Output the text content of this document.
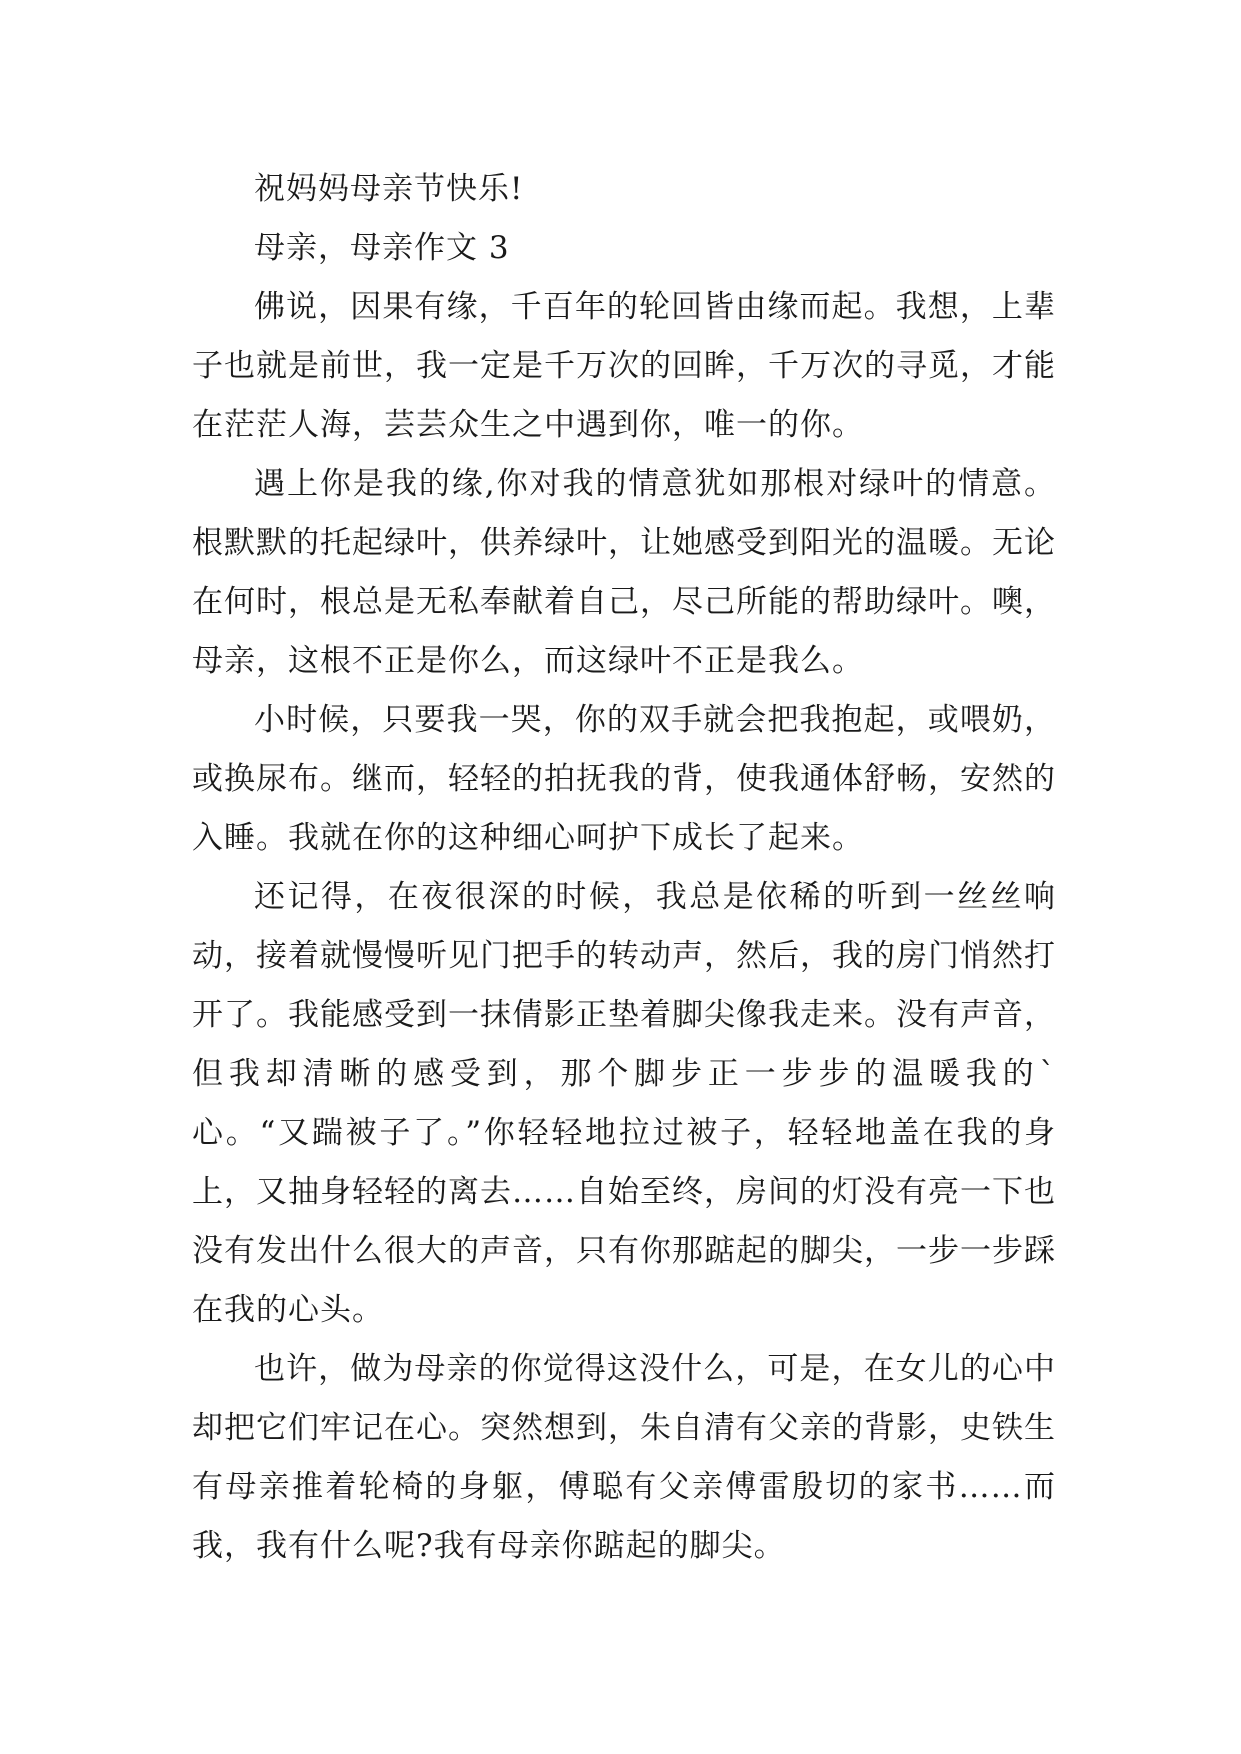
祝妈妈母亲节快乐!

母亲，母亲作文 3

佛说，因果有缘，千百年的轮回皆由缘而起。我想，上辈子也就是前世，我一定是千万次的回眸，千万次的寻觅，才能在茫茫人海，芸芸众生之中遇到你，唯一的你。

遇上你是我的缘,你对我的情意犹如那根对绿叶的情意。根默默的托起绿叶，供养绿叶，让她感受到阳光的温暖。无论在何时，根总是无私奉献着自己，尽己所能的帮助绿叶。噢，母亲，这根不正是你么，而这绿叶不正是我么。

小时候，只要我一哭，你的双手就会把我抱起，或喂奶，或换尿布。继而，轻轻的拍抚我的背，使我通体舒畅，安然的入睡。我就在你的这种细心呵护下成长了起来。

还记得，在夜很深的时候，我总是依稀的听到一丝丝响动，接着就慢慢听见门把手的转动声，然后，我的房门悄然打开了。我能感受到一抹倩影正垫着脚尖像我走来。没有声音，但我却清晰的感受到，那个脚步正一步步的温暖我的`心。“又踹被子了。”你轻轻地拉过被子，轻轻地盖在我的身上，又抽身轻轻的离去……自始至终，房间的灯没有亮一下也没有发出什么很大的声音，只有你那踮起的脚尖，一步一步踩在我的心头。

也许，做为母亲的你觉得这没什么，可是，在女儿的心中却把它们牢记在心。突然想到，朱自清有父亲的背影，史铁生有母亲推着轮椅的身躯，傅聪有父亲傅雷殷切的家书……而我，我有什么呢?我有母亲你踮起的脚尖。
